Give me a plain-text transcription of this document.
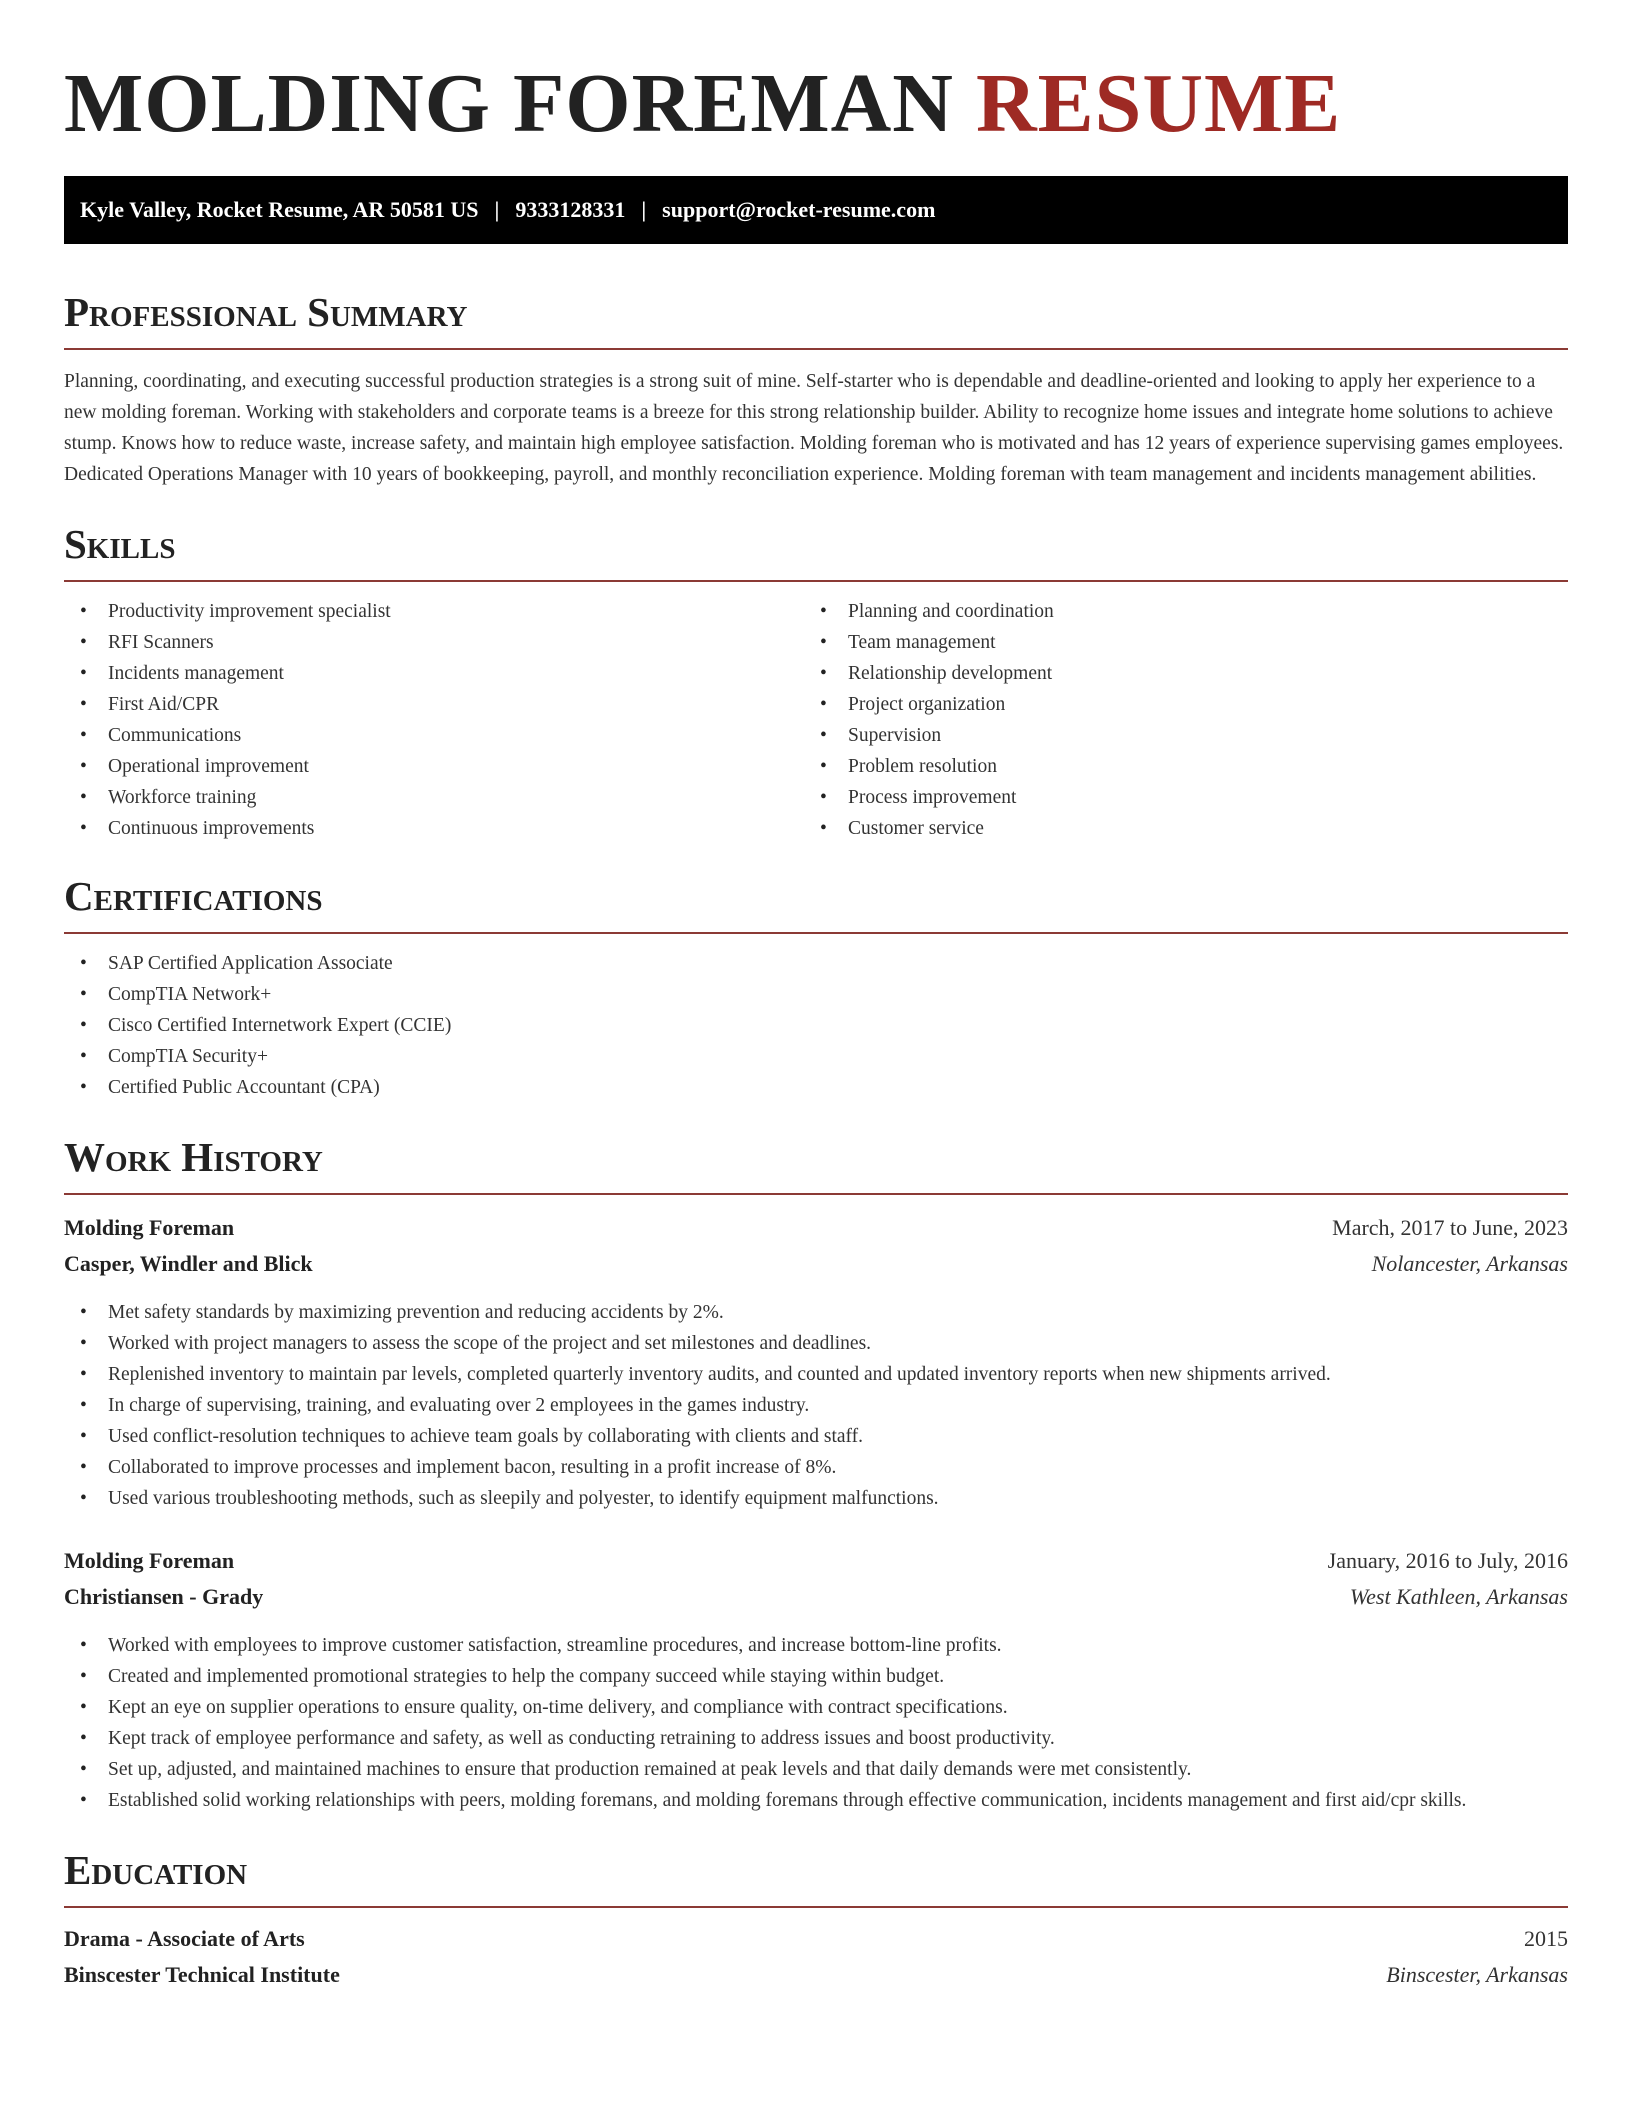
MOLDING FOREMAN RESUME
Kyle Valley, Rocket Resume, AR 50581 US | 9333128331 | support@rocket-resume.com
Professional Summary

Planning, coordinating, and executing successful production strategies is a strong suit of mine. Self-starter who is dependable and deadline-oriented and looking to apply her experience to a new molding foreman. Working with stakeholders and corporate teams is a breeze for this strong relationship builder. Ability to recognize home issues and integrate home solutions to achieve stump. Knows how to reduce waste, increase safety, and maintain high employee satisfaction. Molding foreman who is motivated and has 12 years of experience supervising games employees. Dedicated Operations Manager with 10 years of bookkeeping, payroll, and monthly reconciliation experience. Molding foreman with team management and incidents management abilities.

Skills
• Productivity improvement specialist
• RFI Scanners
• Incidents management
• First Aid/CPR
• Communications
• Operational improvement
• Workforce training
• Continuous improvements
• Planning and coordination
• Team management
• Relationship development
• Project organization
• Supervision
• Problem resolution
• Process improvement
• Customer service
Certifications
• SAP Certified Application Associate
• CompTIA Network+
• Cisco Certified Internetwork Expert (CCIE)
• CompTIA Security+
• Certified Public Accountant (CPA)
Work History
Molding Foreman	March, 2017 to June, 2023
Casper, Windler and Blick	Nolancester, Arkansas
• Met safety standards by maximizing prevention and reducing accidents by 2%.
• Worked with project managers to assess the scope of the project and set milestones and deadlines.
• Replenished inventory to maintain par levels, completed quarterly inventory audits, and counted and updated inventory reports when new shipments arrived.
• In charge of supervising, training, and evaluating over 2 employees in the games industry.
• Used conflict-resolution techniques to achieve team goals by collaborating with clients and staff.
• Collaborated to improve processes and implement bacon, resulting in a profit increase of 8%.
• Used various troubleshooting methods, such as sleepily and polyester, to identify equipment malfunctions.
Molding Foreman	January, 2016 to July, 2016
Christiansen - Grady	West Kathleen, Arkansas
• Worked with employees to improve customer satisfaction, streamline procedures, and increase bottom-line profits.
• Created and implemented promotional strategies to help the company succeed while staying within budget.
• Kept an eye on supplier operations to ensure quality, on-time delivery, and compliance with contract specifications.
• Kept track of employee performance and safety, as well as conducting retraining to address issues and boost productivity.
• Set up, adjusted, and maintained machines to ensure that production remained at peak levels and that daily demands were met consistently.
• Established solid working relationships with peers, molding foremans, and molding foremans through effective communication, incidents management and first aid/cpr skills.
Education
Drama - Associate of Arts	2015
Binscester Technical Institute	Binscester, Arkansas
